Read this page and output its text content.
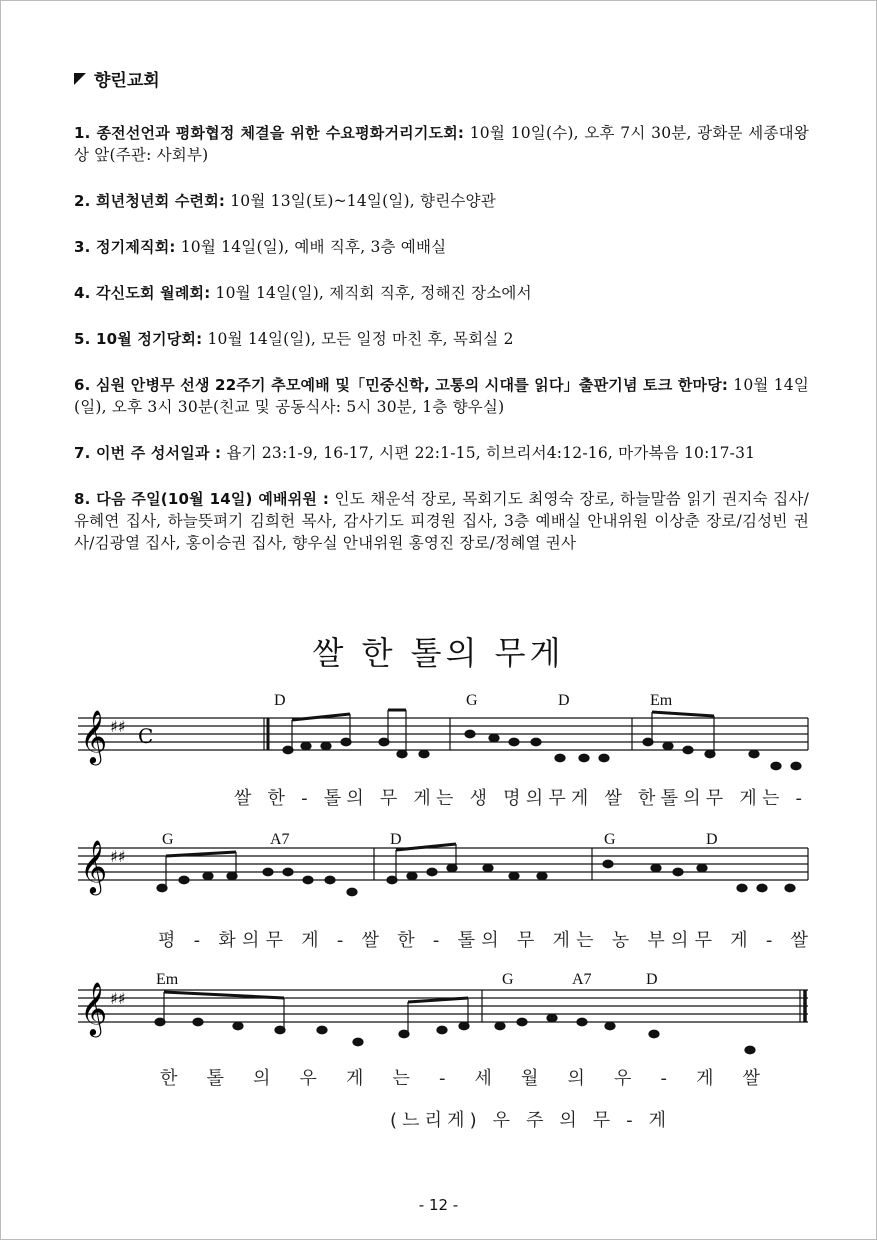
향린교회
1. 종전선언과 평화협정 체결을 위한 수요평화거리기도회: 10월 10일(수), 오후 7시 30분, 광화문 세종대왕상 앞(주관: 사회부)
2. 희년청년회 수련회: 10월 13일(토)~14일(일), 향린수양관
3. 정기제직회: 10월 14일(일), 예배 직후, 3층 예배실
4. 각신도회 월례회: 10월 14일(일), 제직회 직후, 정해진 장소에서
5. 10월 정기당회: 10월 14일(일), 모든 일정 마친 후, 목회실 2
6. 심원 안병무 선생 22주기 추모예배 및「민중신학, 고통의 시대를 읽다」출판기념 토크 한마당: 10월 14일(일), 오후 3시 30분(친교 및 공동식사: 5시 30분, 1층 향우실)
7. 이번 주 성서일과 : 욥기 23:1-9, 16-17, 시편 22:1-15, 히브리서4:12-16, 마가복음 10:17-31
8. 다음 주일(10월 14일) 예배위원 : 인도 채운석 장로, 목회기도 최영숙 장로, 하늘말씀 읽기 권지숙 집사/유혜연 집사, 하늘뜻펴기 김희헌 목사, 감사기도 피경원 집사, 3층 예배실 안내위원 이상춘 장로/김성빈 권사/김광열 집사, 홍이승권 집사, 향우실 안내위원 홍영진 장로/정혜열 권사
쌀 한 톨의 무게
𝄞 ♯♯ C
D	G	D	Em
쌀 한 - 톨의 무 게는 생 명의무게 쌀 한톨의무 게는 -
𝄞 ♯♯
G	A7	D	G	D
평 - 화의무 게 - 쌀 한 - 톨의 무 게는 농 부의무 게 - 쌀
𝄞 ♯♯
Em	G	A7	D
한 톨 의 우 게 는 - 세 월 의 우 - 게 쌀
(느리게) 우 주 의 무 - 게
- 12 -
